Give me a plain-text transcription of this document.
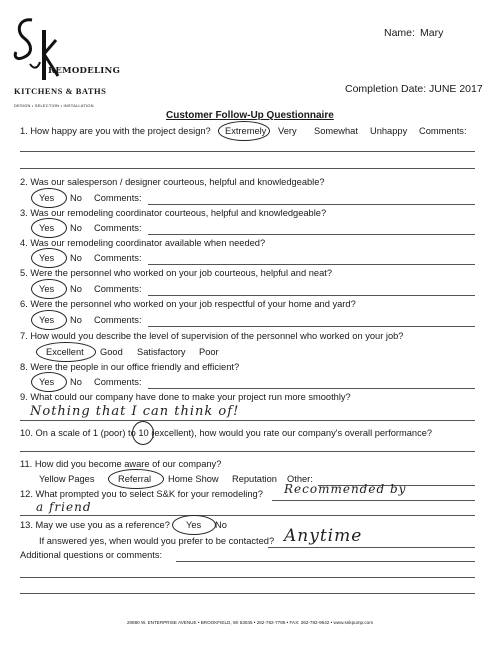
REMODELING
KITCHENS & BATHS
DESIGN • SELECTION • INSTALLATION
Name: Mary
Completion Date: JUNE 2017
Customer Follow-Up Questionnaire
1. How happy are you with the project design? Extremely Very Somewhat Unhappy Comments:
2. Was our salesperson / designer courteous, helpful and knowledgeable?
Yes No Comments:
3. Was our remodeling coordinator courteous, helpful and knowledgeable?
Yes No Comments:
4. Was our remodeling coordinator available when needed?
Yes No Comments:
5. Were the personnel who worked on your job courteous, helpful and neat?
Yes No Comments:
6. Were the personnel who worked on your job respectful of your home and yard?
Yes No Comments:
7. How would you describe the level of supervision of the personnel who worked on your job?
Excellent Good Satisfactory Poor
8. Were the people in our office friendly and efficient?
Yes No Comments:
9. What could our company have done to make your project run more smoothly?
Nothing that I can think of!
10. On a scale of 1 (poor) to 10 (excellent), how would you rate our company's overall performance?
11. How did you become aware of our company?
Yellow Pages	Referral Home Show Reputation Other:
12. What prompted you to select S&K for your remodeling? Recommended by
a friend
13. May we use you as a reference? Yes No
If answered yes, when would you prefer to be contacted? Anytime
Additional questions or comments:
20880 W. ENTERPRISE AVENUE • BROOKFIELD, WI 53045 • 262-782-7785 • FAX: 262-782-9642 • www.snkpump.com
